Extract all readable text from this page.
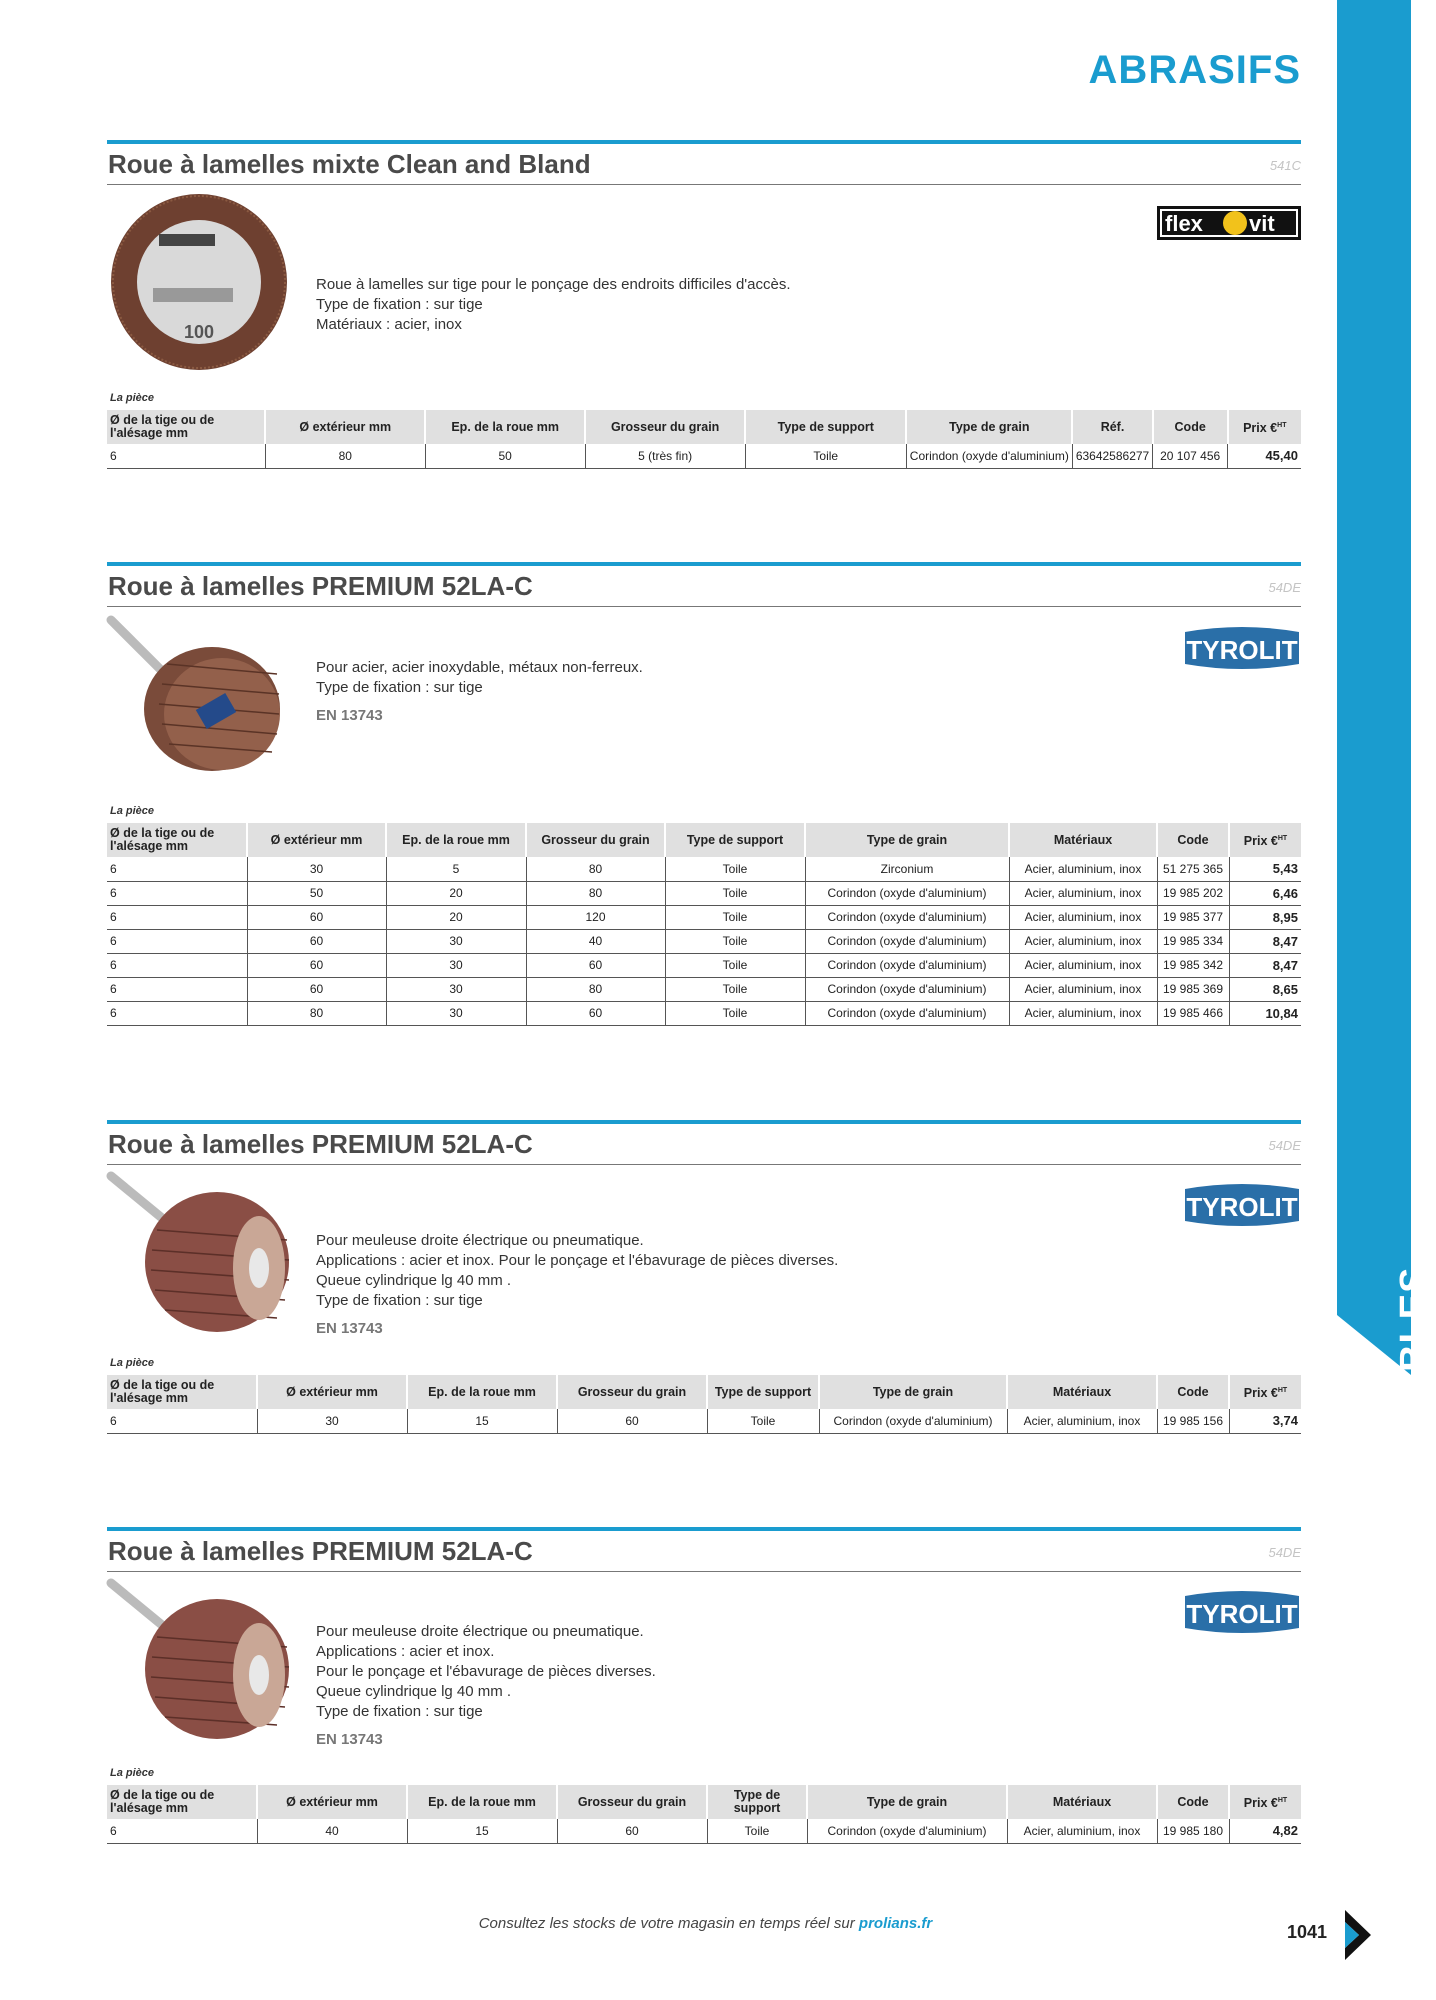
CONSOMMABLES
ABRASIFS
Roue à lamelles mixte Clean and Bland	541C
100
Roue à lamelles sur tige pour le ponçage des endroits difficiles d'accès.
Type de fixation : sur tige
Matériaux : acier, inox
flex vit
La pièce
Ø de la tige ou de l'alésage mm	Ø extérieur mm	Ep. de la roue mm	Grosseur du grain	Type de support	Type de grain	Réf.	Code	Prix €$^{HT}$
6	80	50	5 (très fin)	Toile	Corindon (oxyde d'aluminium)	63642586277	20 107 456	45,40
Roue à lamelles PREMIUM 52LA-C	54DE
Pour acier, acier inoxydable, métaux non-ferreux.
Type de fixation : sur tige
EN 13743
TYROLIT
La pièce
Ø de la tige ou de l'alésage mm	Ø extérieur mm	Ep. de la roue mm	Grosseur du grain	Type de support	Type de grain	Matériaux	Code	Prix €$^{HT}$
6	30	5	80	Toile	Zirconium	Acier, aluminium, inox	51 275 365	5,43
6	50	20	80	Toile	Corindon (oxyde d'aluminium)	Acier, aluminium, inox	19 985 202	6,46
6	60	20	120	Toile	Corindon (oxyde d'aluminium)	Acier, aluminium, inox	19 985 377	8,95
6	60	30	40	Toile	Corindon (oxyde d'aluminium)	Acier, aluminium, inox	19 985 334	8,47
6	60	30	60	Toile	Corindon (oxyde d'aluminium)	Acier, aluminium, inox	19 985 342	8,47
6	60	30	80	Toile	Corindon (oxyde d'aluminium)	Acier, aluminium, inox	19 985 369	8,65
6	80	30	60	Toile	Corindon (oxyde d'aluminium)	Acier, aluminium, inox	19 985 466	10,84
Roue à lamelles PREMIUM 52LA-C	54DE
Pour meuleuse droite électrique ou pneumatique.
Applications : acier et inox. Pour le ponçage et l'ébavurage de pièces diverses.
Queue cylindrique lg 40 mm .
Type de fixation : sur tige
EN 13743
TYROLIT
La pièce
Ø de la tige ou de l'alésage mm	Ø extérieur mm	Ep. de la roue mm	Grosseur du grain	Type de support	Type de grain	Matériaux	Code	Prix €$^{HT}$
6	30	15	60	Toile	Corindon (oxyde d'aluminium)	Acier, aluminium, inox	19 985 156	3,74
Roue à lamelles PREMIUM 52LA-C	54DE
Pour meuleuse droite électrique ou pneumatique.
Applications : acier et inox.
Pour le ponçage et l'ébavurage de pièces diverses.
Queue cylindrique lg 40 mm .
Type de fixation : sur tige
EN 13743
TYROLIT
La pièce
Ø de la tige ou de l'alésage mm	Ø extérieur mm	Ep. de la roue mm	Grosseur du grain	Type de support	Type de grain	Matériaux	Code	Prix €$^{HT}$
6	40	15	60	Toile	Corindon (oxyde d'aluminium)	Acier, aluminium, inox	19 985 180	4,82
Consultez les stocks de votre magasin en temps réel sur prolians.fr	1041
